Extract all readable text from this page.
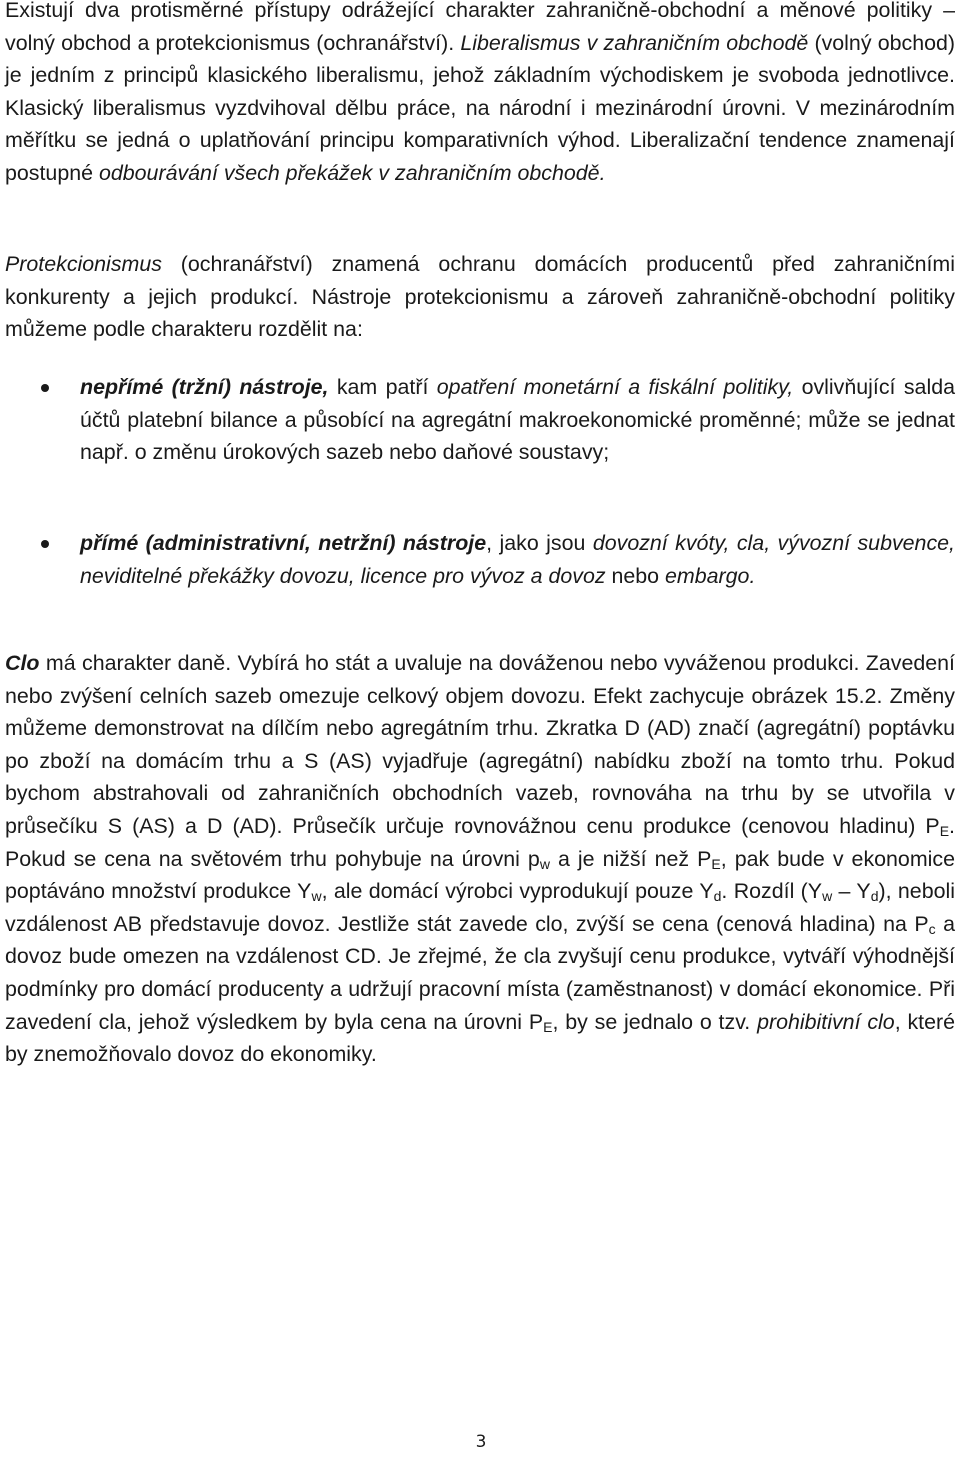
Existují dva protisměrné přístupy odrážející charakter zahraničně-obchodní a měnové politiky – volný obchod a protekcionismus (ochranářství). Liberalismus v zahraničním obchodě (volný obchod) je jedním z principů klasického liberalismu, jehož základním východiskem je svoboda jednotlivce. Klasický liberalismus vyzdvihoval dělbu práce, na národní i mezinárodní úrovni. V mezinárodním měřítku se jedná o uplatňování principu komparativních výhod. Liberalizační tendence znamenají postupné odbourávání všech překážek v zahraničním obchodě.

Protekcionismus (ochranářství) znamená ochranu domácích producentů před zahraničními konkurenty a jejich produkcí. Nástroje protekcionismu a zároveň zahraničně-obchodní politiky můžeme podle charakteru rozdělit na:

nepřímé (tržní) nástroje, kam patří opatření monetární a fiskální politiky, ovlivňující salda účtů platební bilance a působící na agregátní makroekonomické proměnné; může se jednat např. o změnu úrokových sazeb nebo daňové soustavy;

přímé (administrativní, netržní) nástroje, jako jsou dovozní kvóty, cla, vývozní subvence, neviditelné překážky dovozu, licence pro vývoz a dovoz nebo embargo.

Clo má charakter daně. Vybírá ho stát a uvaluje na dováženou nebo vyváženou produkci. Zavedení nebo zvýšení celních sazeb omezuje celkový objem dovozu. Efekt zachycuje obrázek 15.2. Změny můžeme demonstrovat na dílčím nebo agregátním trhu. Zkratka D (AD) značí (agregátní) poptávku po zboží na domácím trhu a S (AS) vyjadřuje (agregátní) nabídku zboží na tomto trhu. Pokud bychom abstrahovali od zahraničních obchodních vazeb, rovnováha na trhu by se utvořila v průsečíku S (AS) a D (AD). Průsečík určuje rovnovážnou cenu produkce (cenovou hladinu) $P_E$. Pokud se cena na světovém trhu pohybuje na úrovni $p_w$ a je nižší než $P_E$, pak bude v ekonomice poptáváno množství produkce $Y_w$, ale domácí výrobci vyprodukují pouze $Y_d$. Rozdíl $(Y_w - Y_d)$, neboli vzdálenost AB představuje dovoz. Jestliže stát zavede clo, zvýší se cena (cenová hladina) na $P_c$ a dovoz bude omezen na vzdálenost CD. Je zřejmé, že cla zvyšují cenu produkce, vytváří výhodnější podmínky pro domácí producenty a udržují pracovní místa (zaměstnanost) v domácí ekonomice. Při zavedení cla, jehož výsledkem by byla cena na úrovni $P_E$, by se jednalo o tzv. prohibitivní clo, které by znemožňovalo dovoz do ekonomiky.

3
